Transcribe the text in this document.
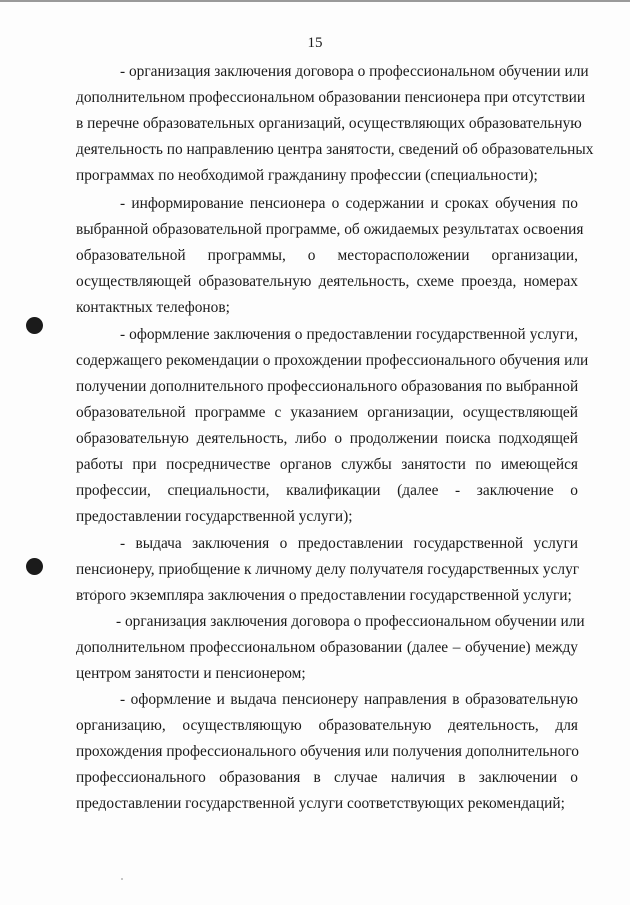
15
- организация заключения договора о профессиональном обучении или
дополнительном профессиональном образовании пенсионера при отсутствии
в перечне образовательных организаций, осуществляющих образовательную
деятельность по направлению центра занятости, сведений об образовательных
программах по необходимой гражданину профессии (специальности);
- информирование пенсионера о содержании и сроках обучения по
выбранной образовательной программе, об ожидаемых результатах освоения
образовательной программы, о месторасположении организации,
осуществляющей образовательную деятельность, схеме проезда, номерах
контактных телефонов;
- оформление заключения о предоставлении государственной услуги,
содержащего рекомендации о прохождении профессионального обучения или
получении дополнительного профессионального образования по выбранной
образовательной программе с указанием организации, осуществляющей
образовательную деятельность, либо о продолжении поиска подходящей
работы при посредничестве органов службы занятости по имеющейся
профессии, специальности, квалификации (далее - заключение о
предоставлении государственной услуги);
- выдача заключения о предоставлении государственной услуги
пенсионеру, приобщение к личному делу получателя государственных услуг
второго экземпляра заключения о предоставлении государственной услуги;
- организация заключения договора о профессиональном обучении или
дополнительном профессиональном образовании (далее – обучение) между
центром занятости и пенсионером;
- оформление и выдача пенсионеру направления в образовательную
организацию, осуществляющую образовательную деятельность, для
прохождения профессионального обучения или получения дополнительного
профессионального образования в случае наличия в заключении о
предоставлении государственной услуги соответствующих рекомендаций;
